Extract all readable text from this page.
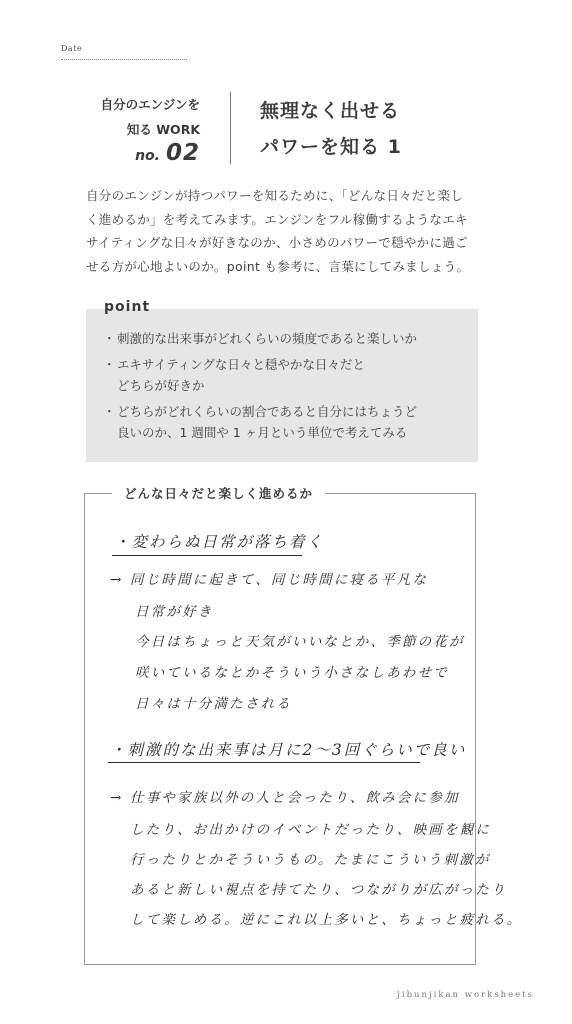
Date
自分のエンジンを
知る WORK
no. 02
無理なく出せる
パワーを知る 1
自分のエンジンが持つパワーを知るために、「どんな日々だと楽し
く進めるか」を考えてみます。エンジンをフル稼働するようなエキ
サイティングな日々が好きなのか、小さめのパワーで穏やかに過ご
せる方が心地よいのか。point も参考に、言葉にしてみましょう。
point
・ 刺激的な出来事がどれくらいの頻度であると楽しいか
・ エキサイティングな日々と穏やかな日々だと
どちらが好きか
・ どちらがどれくらいの割合であると自分にはちょうど
良いのか、1 週間や 1 ヶ月という単位で考えてみる
どんな日々だと楽しく進めるか
・変わらぬ日常が落ち着く
→ 同じ時間に起きて、同じ時間に寝る平凡な
日常が好き
今日はちょっと天気がいいなとか、季節の花が
咲いているなとかそういう小さなしあわせで
日々は十分満たされる
・刺激的な出来事は月に2〜3回ぐらいで良い
→ 仕事や家族以外の人と会ったり、飲み会に参加
したり、お出かけのイベントだったり、映画を観に
行ったりとかそういうもの。たまにこういう刺激が
あると新しい視点を持てたり、つながりが広がったり
して楽しめる。逆にこれ以上多いと、ちょっと疲れる。
jibunjikan worksheets
